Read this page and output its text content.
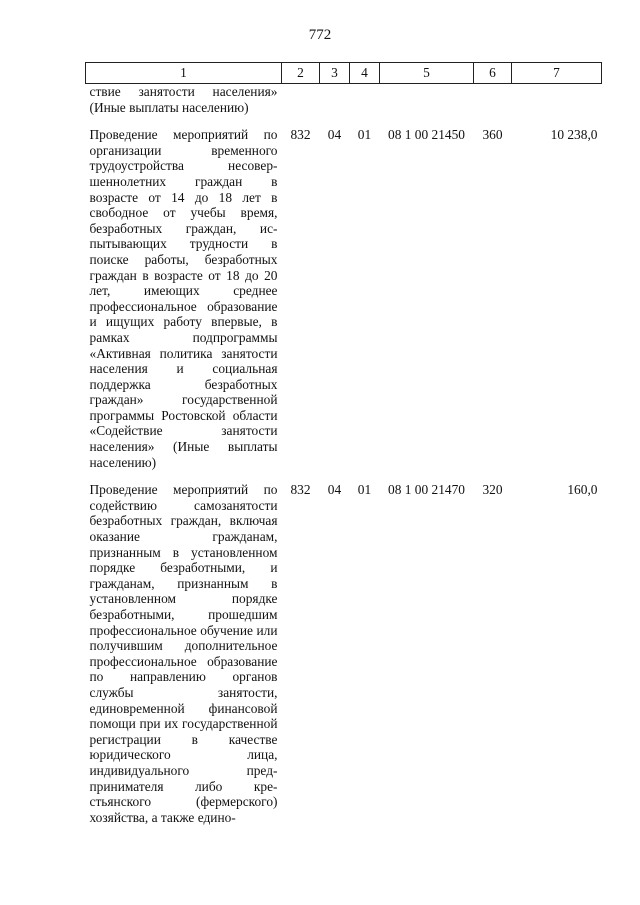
772
1	2	3	4	5	6	7
ствие занятости населения» (Иные выплаты населению)						
Проведение мероприятий по организации временного трудоустройства несовершеннолетних граждан в возрасте от 14 до 18 лет в свободное от учебы время, безработных граждан, испытывающих трудности в поиске работы, безработных граждан в возрасте от 18 до 20 лет, имеющих среднее профессиональное образование и ищущих работу впервые, в рамках подпрограммы «Активная политика занятости населения и социальная поддержка безработных граждан» государственной программы Ростовской области «Содействие занятости населения» (Иные выплаты населению)	832	04	01	08 1 00 21450	360	10 238,0
Проведение мероприятий по содействию самозанятости безработных граждан, включая оказание гражданам, признанным в установленном порядке безработными, и гражданам, признанным в установленном порядке безработными, прошедшим профессиональное обучение или получившим дополнительное профессиональное образование по направлению органов службы занятости, единовременной финансовой помощи при их государственной регистрации в качестве юридического лица, индивидуального предпринимателя либо крестьянского (фермерского) хозяйства, а также едино-	832	04	01	08 1 00 21470	320	160,0
